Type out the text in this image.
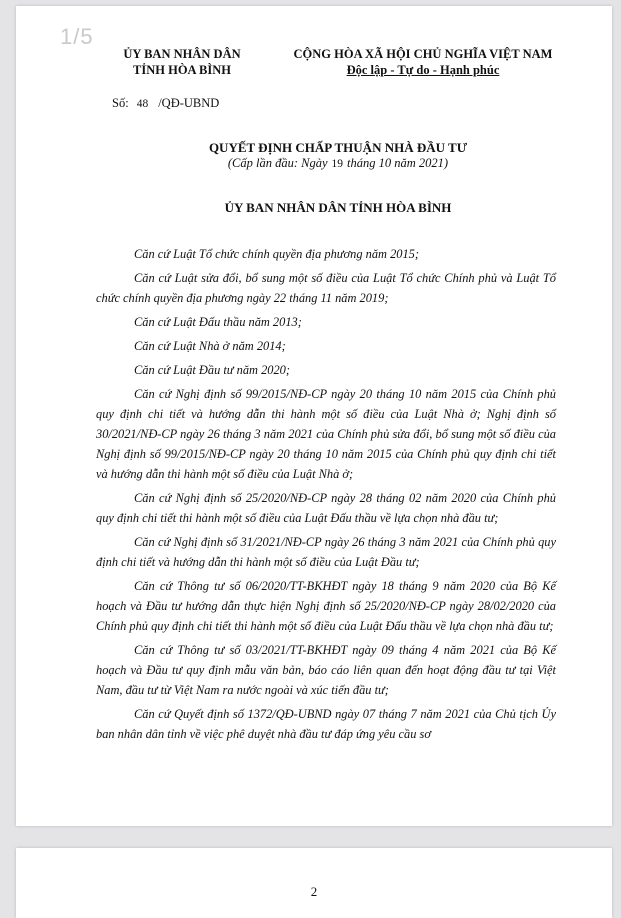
1/5
ỦY BAN NHÂN DÂN
TỈNH HÒA BÌNH
CỘNG HÒA XÃ HỘI CHỦ NGHĨA VIỆT NAM
Độc lập - Tự do - Hạnh phúc
Số: 48 /QĐ-UBND
QUYẾT ĐỊNH CHẤP THUẬN NHÀ ĐẦU TƯ
(Cấp lần đầu: Ngày 19 tháng 10 năm 2021)
ỦY BAN NHÂN DÂN TỈNH HÒA BÌNH

Căn cứ Luật Tổ chức chính quyền địa phương năm 2015;

Căn cứ Luật sửa đổi, bổ sung một số điều của Luật Tổ chức Chính phủ và Luật Tổ chức chính quyền địa phương ngày 22 tháng 11 năm 2019;

Căn cứ Luật Đấu thầu năm 2013;

Căn cứ Luật Nhà ở năm 2014;

Căn cứ Luật Đầu tư năm 2020;

Căn cứ Nghị định số 99/2015/NĐ-CP ngày 20 tháng 10 năm 2015 của Chính phủ quy định chi tiết và hướng dẫn thi hành một số điều của Luật Nhà ở; Nghị định số 30/2021/NĐ-CP ngày 26 tháng 3 năm 2021 của Chính phủ sửa đổi, bổ sung một số điều của Nghị định số 99/2015/NĐ-CP ngày 20 tháng 10 năm 2015 của Chính phủ quy định chi tiết và hướng dẫn thi hành một số điều của Luật Nhà ở;

Căn cứ Nghị định số 25/2020/NĐ-CP ngày 28 tháng 02 năm 2020 của Chính phủ quy định chi tiết thi hành một số điều của Luật Đấu thầu về lựa chọn nhà đầu tư;

Căn cứ Nghị định số 31/2021/NĐ-CP ngày 26 tháng 3 năm 2021 của Chính phủ quy định chi tiết và hướng dẫn thi hành một số điều của Luật Đầu tư;

Căn cứ Thông tư số 06/2020/TT-BKHĐT ngày 18 tháng 9 năm 2020 của Bộ Kế hoạch và Đầu tư hướng dẫn thực hiện Nghị định số 25/2020/NĐ-CP ngày 28/02/2020 của Chính phủ quy định chi tiết thi hành một số điều của Luật Đấu thầu về lựa chọn nhà đầu tư;

Căn cứ Thông tư số 03/2021/TT-BKHĐT ngày 09 tháng 4 năm 2021 của Bộ Kế hoạch và Đầu tư quy định mẫu văn bản, báo cáo liên quan đến hoạt động đầu tư tại Việt Nam, đầu tư từ Việt Nam ra nước ngoài và xúc tiến đầu tư;

Căn cứ Quyết định số 1372/QĐ-UBND ngày 07 tháng 7 năm 2021 của Chủ tịch Ủy ban nhân dân tỉnh về việc phê duyệt nhà đầu tư đáp ứng yêu cầu sơ

2
